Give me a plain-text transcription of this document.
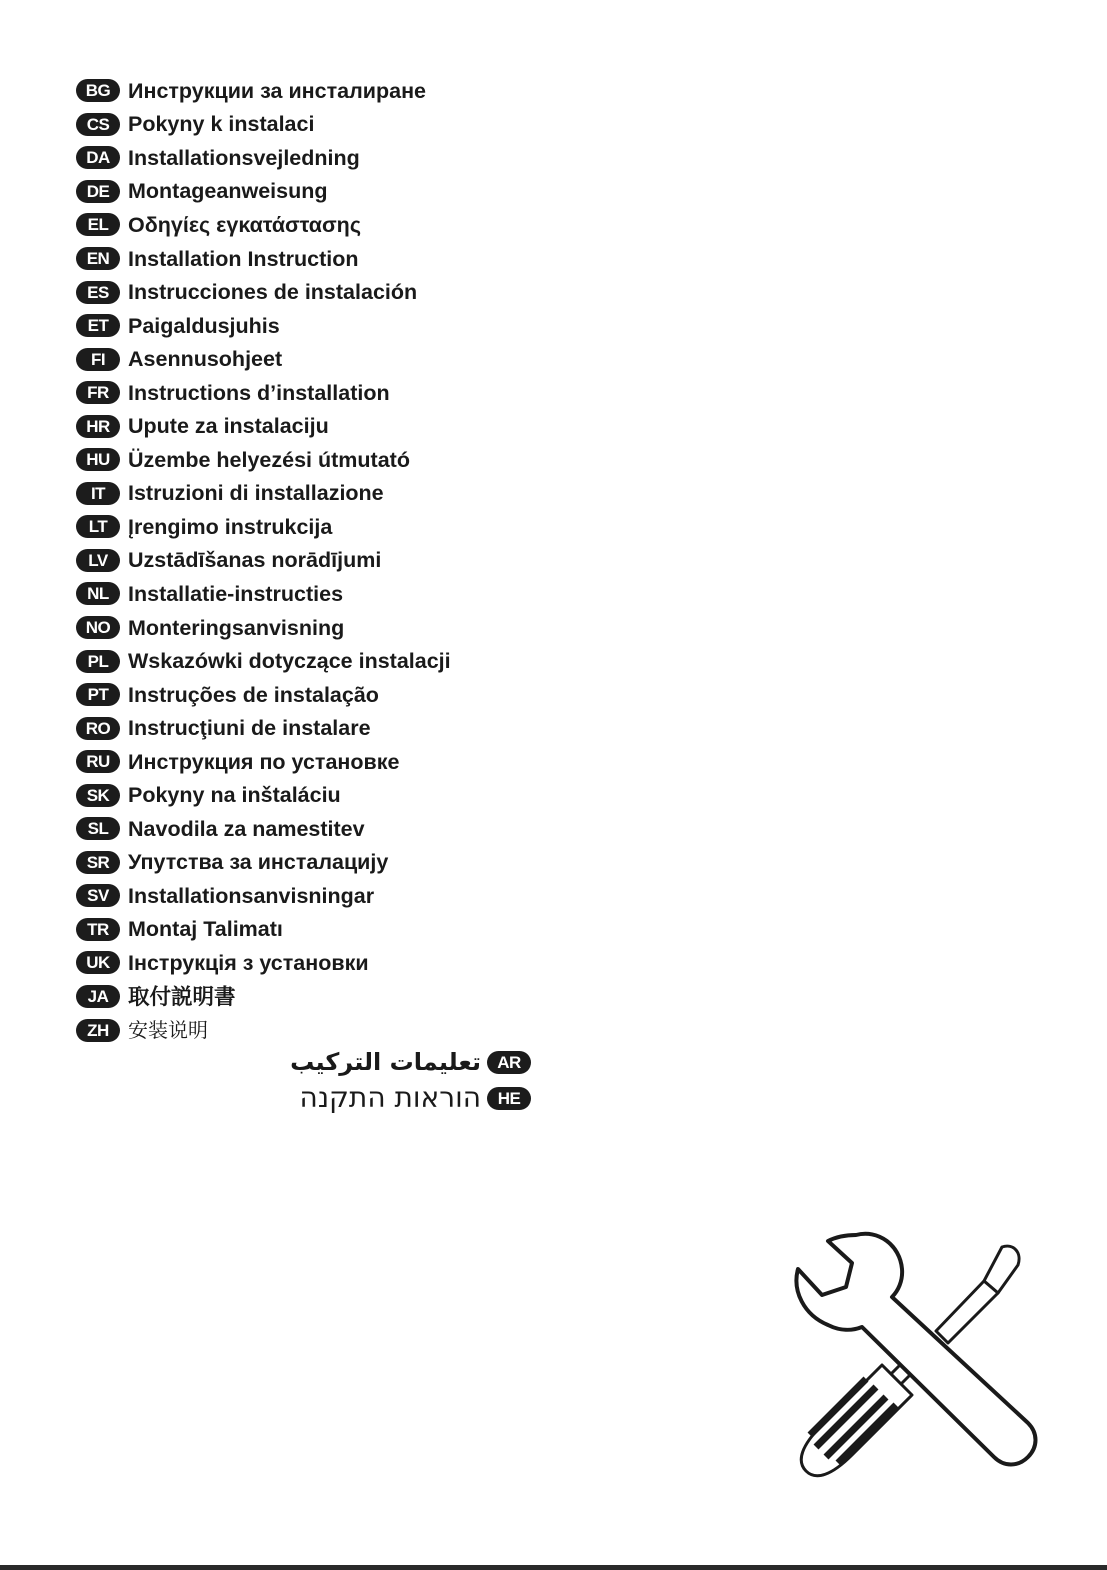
BG Инструкции за инсталиране
CS Pokyny k instalaci
DA Installationsvejledning
DE Montageanweisung
EL Οδηγίες εγκατάστασης
EN Installation Instruction
ES Instrucciones de instalación
ET Paigaldusjuhis
FI	Asennusohjeet
FR Instructions d’installation
HR Upute za instalaciju
HU Üzembe helyezési útmutató
IT	Istruzioni di installazione
LT Įrengimo instrukcija
LV Uzstādīšanas norādījumi
NL Installatie-instructies
NO Monteringsanvisning
PL Wskazówki dotyczące instalacji
PT Instruções de instalação
RO Instrucţiuni de instalare
RU Инструкция по установке
SK Pokyny na inštaláciu
SL Navodila za namestitev
SR Упутства за инсталацију
SV Installationsanvisningar
TR Montaj Talimatı
UK Інструкція з установки
JA 取付説明書
ZH 安装说明
تعليمات التركيب AR
הוראות התקנה HE
